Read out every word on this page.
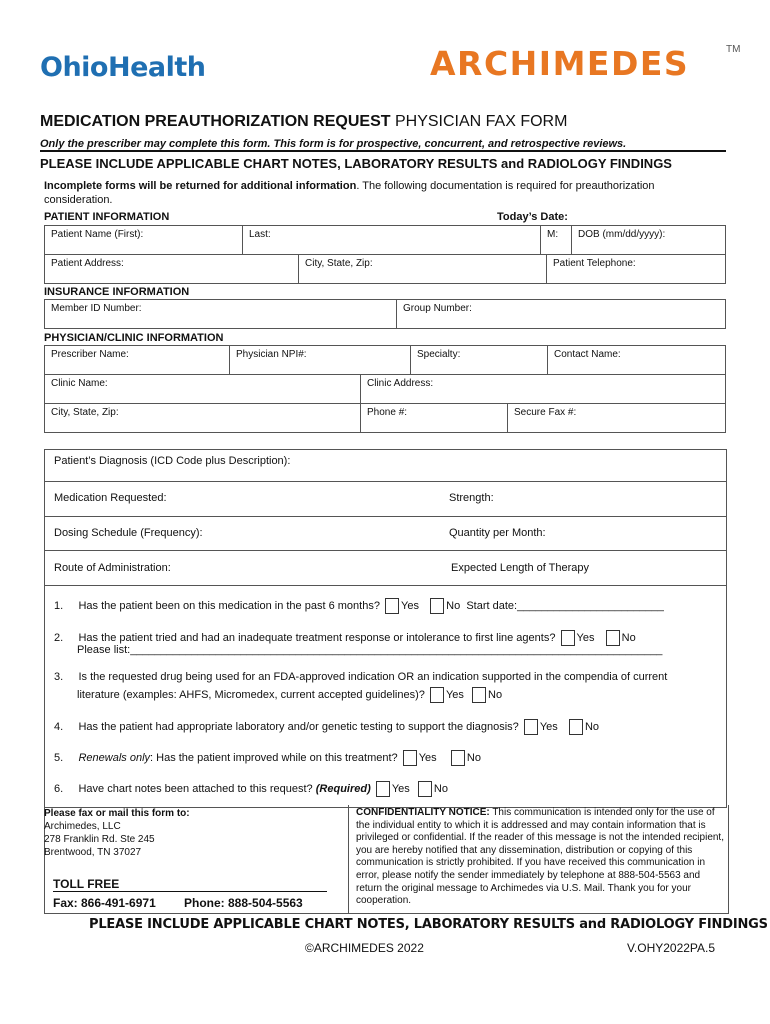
OhioHealth	ARCHIMEDES	TM
MEDICATION PREAUTHORIZATION REQUEST PHYSICIAN FAX FORM
Only the prescriber may complete this form. This form is for prospective, concurrent, and retrospective reviews.
PLEASE INCLUDE APPLICABLE CHART NOTES, LABORATORY RESULTS and RADIOLOGY FINDINGS
Incomplete forms will be returned for additional information. The following documentation is required for preauthorization consideration.
PATIENT INFORMATION	Today’s Date:
Patient Name (First):	Last:	M:	DOB (mm/dd/yyyy):
Patient Address:	City, State, Zip:	Patient Telephone:
INSURANCE INFORMATION
Member ID Number:	Group Number:
PHYSICIAN/CLINIC INFORMATION
Prescriber Name:	Physician NPI#:	Specialty:	Contact Name:
Clinic Name:	Clinic Address:
City, State, Zip:	Phone #:	Secure Fax #:
Patient’s Diagnosis (ICD Code plus Description):
Medication Requested:	Strength:
Dosing Schedule (Frequency):	Quantity per Month:
Route of Administration:	Expected Length of Therapy
1. Has the patient been on this medication in the past 6 months? Yes No Start date:________________________
2. Has the patient tried and had an inadequate treatment response or intolerance to first line agents? Yes No
Please list:_______________________________________________________________________________________
3. Is the requested drug being used for an FDA-approved indication OR an indication supported in the compendia of current
literature (examples: AHFS, Micromedex, current accepted guidelines)? Yes No
4. Has the patient had appropriate laboratory and/or genetic testing to support the diagnosis? Yes No
5. Renewals only: Has the patient improved while on this treatment? Yes	No
6. Have chart notes been attached to this request? (Required) Yes No
Please fax or mail this form to:
Archimedes, LLC
278 Franklin Rd. Ste 245
Brentwood, TN 37027
TOLL FREE
Fax: 866-491-6971 Phone: 888-504-5563
CONFIDENTIALITY NOTICE: This communication is intended only for the use of the individual entity to which it is addressed and may contain information that is privileged or confidential. If the reader of this message is not the intended recipient, you are hereby notified that any dissemination, distribution or copying of this communication is strictly prohibited. If you have received this communication in error, please notify the sender immediately by telephone at 888-504-5563 and return the original message to Archimedes via U.S. Mail. Thank you for your cooperation.
PLEASE INCLUDE APPLICABLE CHART NOTES, LABORATORY RESULTS and RADIOLOGY FINDINGS
©ARCHIMEDES 2022	V.OHY2022PA.5
